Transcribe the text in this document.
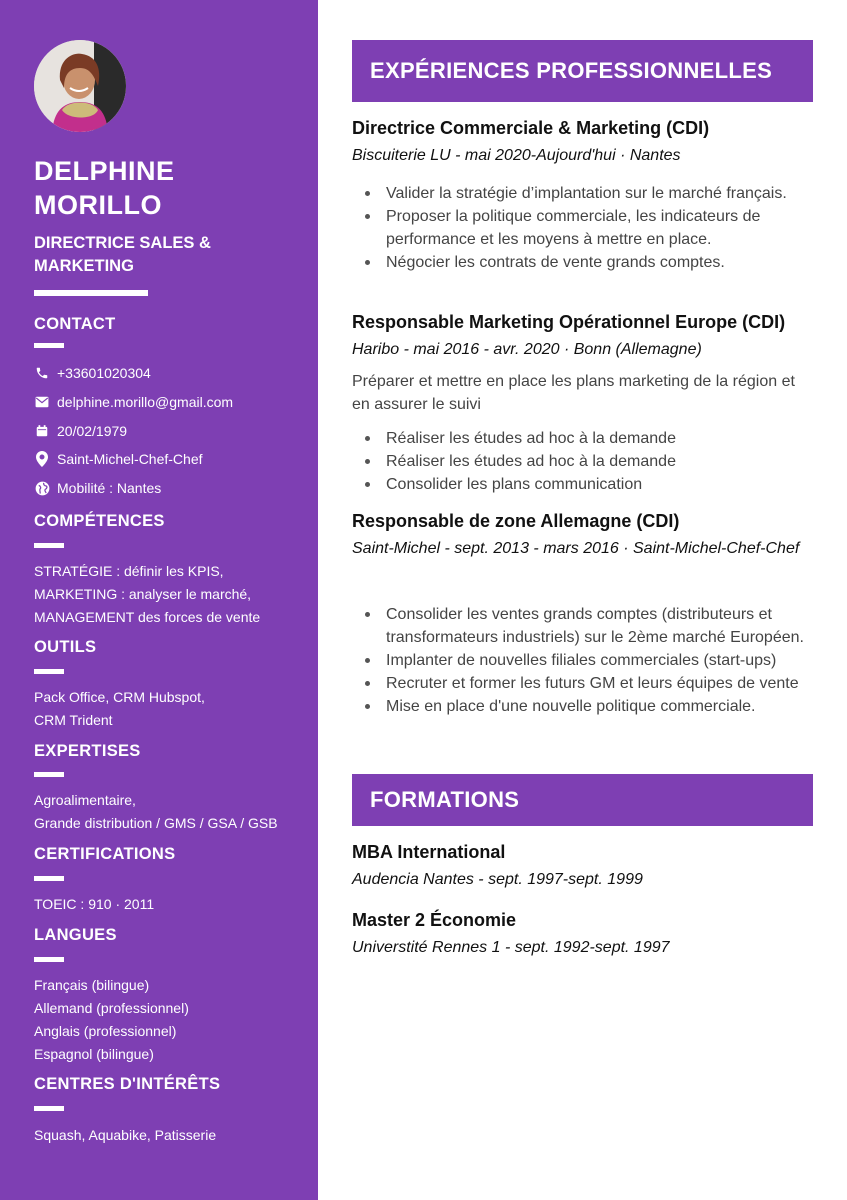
DELPHINE
MORILLO
DIRECTRICE SALES & MARKETING
CONTACT
+33601020304
delphine.morillo@gmail.com
20/02/1979
Saint-Michel-Chef-Chef
Mobilité : Nantes
COMPÉTENCES
STRATÉGIE : définir les KPIS,
MARKETING : analyser le marché,
MANAGEMENT des forces de vente
OUTILS
Pack Office, CRM Hubspot,
CRM Trident
EXPERTISES
Agroalimentaire,
Grande distribution / GMS / GSA / GSB
CERTIFICATIONS
TOEIC : 910 · 2011
LANGUES
Français (bilingue)
Allemand (professionnel)
Anglais (professionnel)
Espagnol (bilingue)
CENTRES D'INTÉRÊTS
Squash, Aquabike, Patisserie
EXPÉRIENCES PROFESSIONNELLES
Directrice Commerciale & Marketing (CDI)
Biscuiterie LU - mai 2020-Aujourd'hui · Nantes
Valider la stratégie d’implantation sur le marché français.
Proposer la politique commerciale, les indicateurs de performance et les moyens à mettre en place.
Négocier les contrats de vente grands comptes.
Responsable Marketing Opérationnel Europe (CDI)
Haribo - mai 2016 - avr. 2020 · Bonn (Allemagne)
Préparer et mettre en place les plans marketing de la région et en assurer le suivi
Réaliser les études ad hoc à la demande
Réaliser les études ad hoc à la demande
Consolider les plans communication
Responsable de zone Allemagne (CDI)
Saint-Michel - sept. 2013 - mars 2016 · Saint-Michel-Chef-Chef
Consolider les ventes grands comptes (distributeurs et transformateurs industriels) sur le 2ème marché Européen.
Implanter de nouvelles filiales commerciales (start-ups)
Recruter et former les futurs GM et leurs équipes de vente
Mise en place d'une nouvelle politique commerciale.
FORMATIONS
MBA International
Audencia Nantes - sept. 1997-sept. 1999
Master 2 Économie
Universtité Rennes 1 - sept. 1992-sept. 1997
